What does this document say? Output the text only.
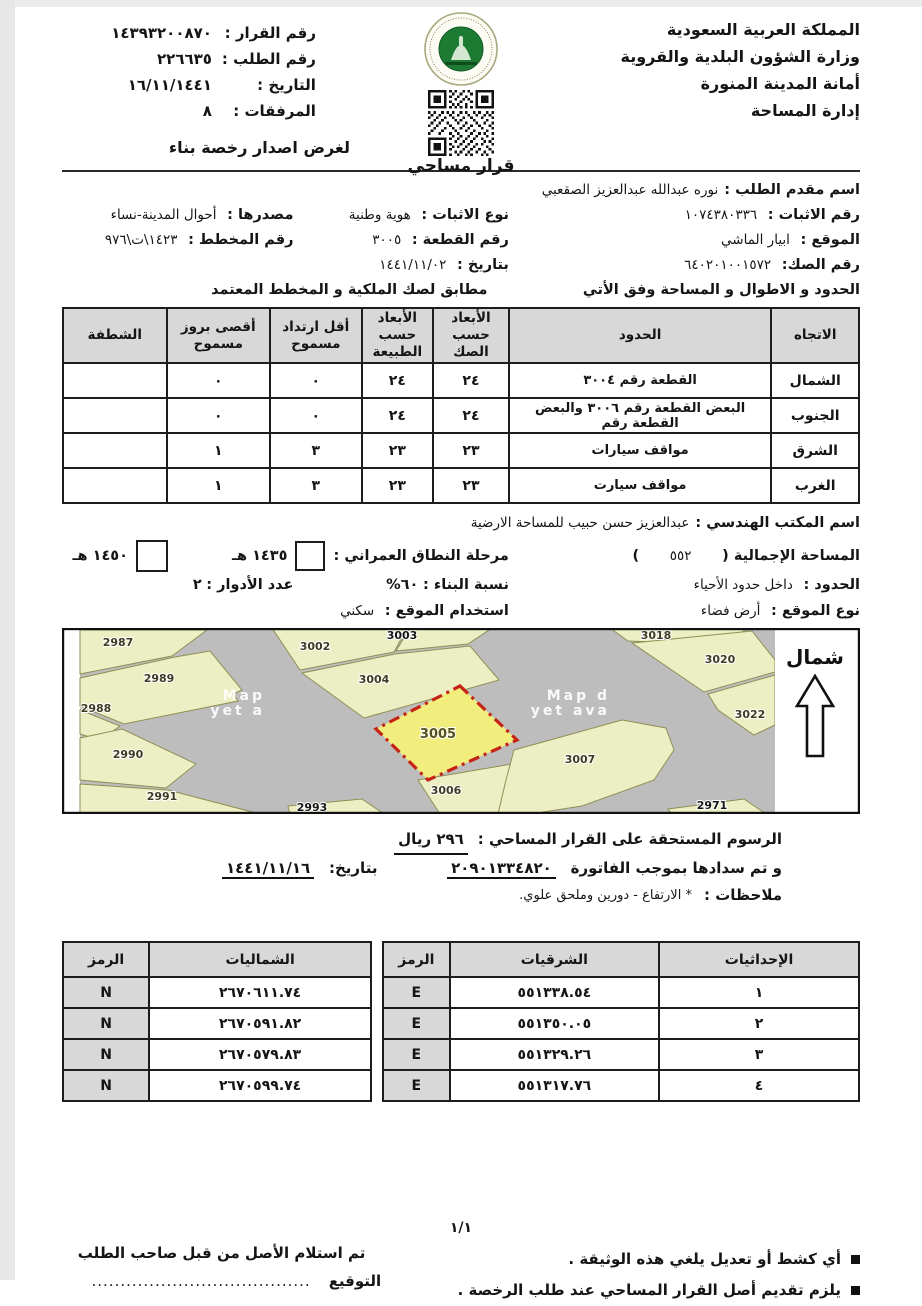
المملكة العربية السعودية
وزارة الشؤون البلدية والقروية
أمانة المدينة المنورة
إدارة المساحة
قرار مساحي
رقم القرار :
١٤٣٩٣٢٠٠٨٧٠
رقم الطلب :
٢٢٦٦٣٥
التاريخ :
١٦/١١/١٤٤١
المرفقات :
٨
لغرض اصدار رخصة بناء
اسم مقدم الطلب :
نوره عبدالله عبدالعزيز الصقعبي
رقم الاثبات : ١٠٧٤٣٨٠٣٣٦
نوع الاثبات : هوية وطنية
مصدرها : أحوال المدينة-نساء
الموقع : ابيار الماشي
رقم القطعة : ٣٠٠٥
رقم المخطط : ١٤٢٣\ت\٩٧٦
رقم الصك: ٦٤٠٢٠١٠٠١٥٧٢
بتاريخ : ١٤٤١/١١/٠٢
الحدود و الاطوال و المساحة وفق الأتي
مطابق لصك الملكية و المخطط المعتمد
الاتجاه	الحدود	الأبعاد حسب الصك	الأبعاد حسب الطبيعة	أقل ارتداد مسموح	أقصى بروز مسموح	الشطفة
الشمال	القطعة رقم ٣٠٠٤	٢٤	٢٤	٠	٠	
الجنوب	البعض القطعة رقم ٣٠٠٦ والبعض القطعة رقم	٢٤	٢٤	٠	٠	
الشرق	مواقف سيارات	٢٣	٢٣	٣	١	
الغرب	مواقف سيارت	٢٣	٢٣	٣	١	
اسم المكتب الهندسي :
عبدالعزيز حسن حبيب للمساحة الارضية
المساحة الإجمالية ( ٥٥٢ )
مرحلة النطاق العمراني :
١٤٣٥ هـ
١٤٥٠ هـ
الحدود : داخل حدود الأحياء
نسبة البناء : %٦٠
عدد الأدوار : ٢
نوع الموقع : أرض فضاء
استخدام الموقع : سكني
Map
yet a
Map d
yet ava
2987
2989
2988
2990
2991
3002
3003
3004
3005
3006
2993
3007
3018
3020
3022
2971
شمال
الرسوم المستحقة على القرار المساحي :
٢٩٦ ريال
و تم سدادها بموجب الفاتورة ٢٠٩٠١٣٣٤٨٢٠
بتاريخ: ١٤٤١/١١/١٦
ملاحظات :
* الارتفاع - دورين وملحق علوي.
الإحداثيات	الشرقيات	الرمز
١	٥٥١٣٣٨.٥٤	E
٢	٥٥١٣٥٠.٠٥	E
٣	٥٥١٣٢٩.٢٦	E
٤	٥٥١٣١٧.٧٦	E
الشماليات	الرمز
٢٦٧٠٦١١.٧٤	N
٢٦٧٠٥٩١.٨٢	N
٢٦٧٠٥٧٩.٨٣	N
٢٦٧٠٥٩٩.٧٤	N
١/١
أي كشط أو تعديل يلغي هذه الوثيقة .
يلزم تقديم أصل القرار المساحي عند طلب الرخصة .
تم استلام الأصل من قبل صاحب الطلب
التوقيع
......................................
